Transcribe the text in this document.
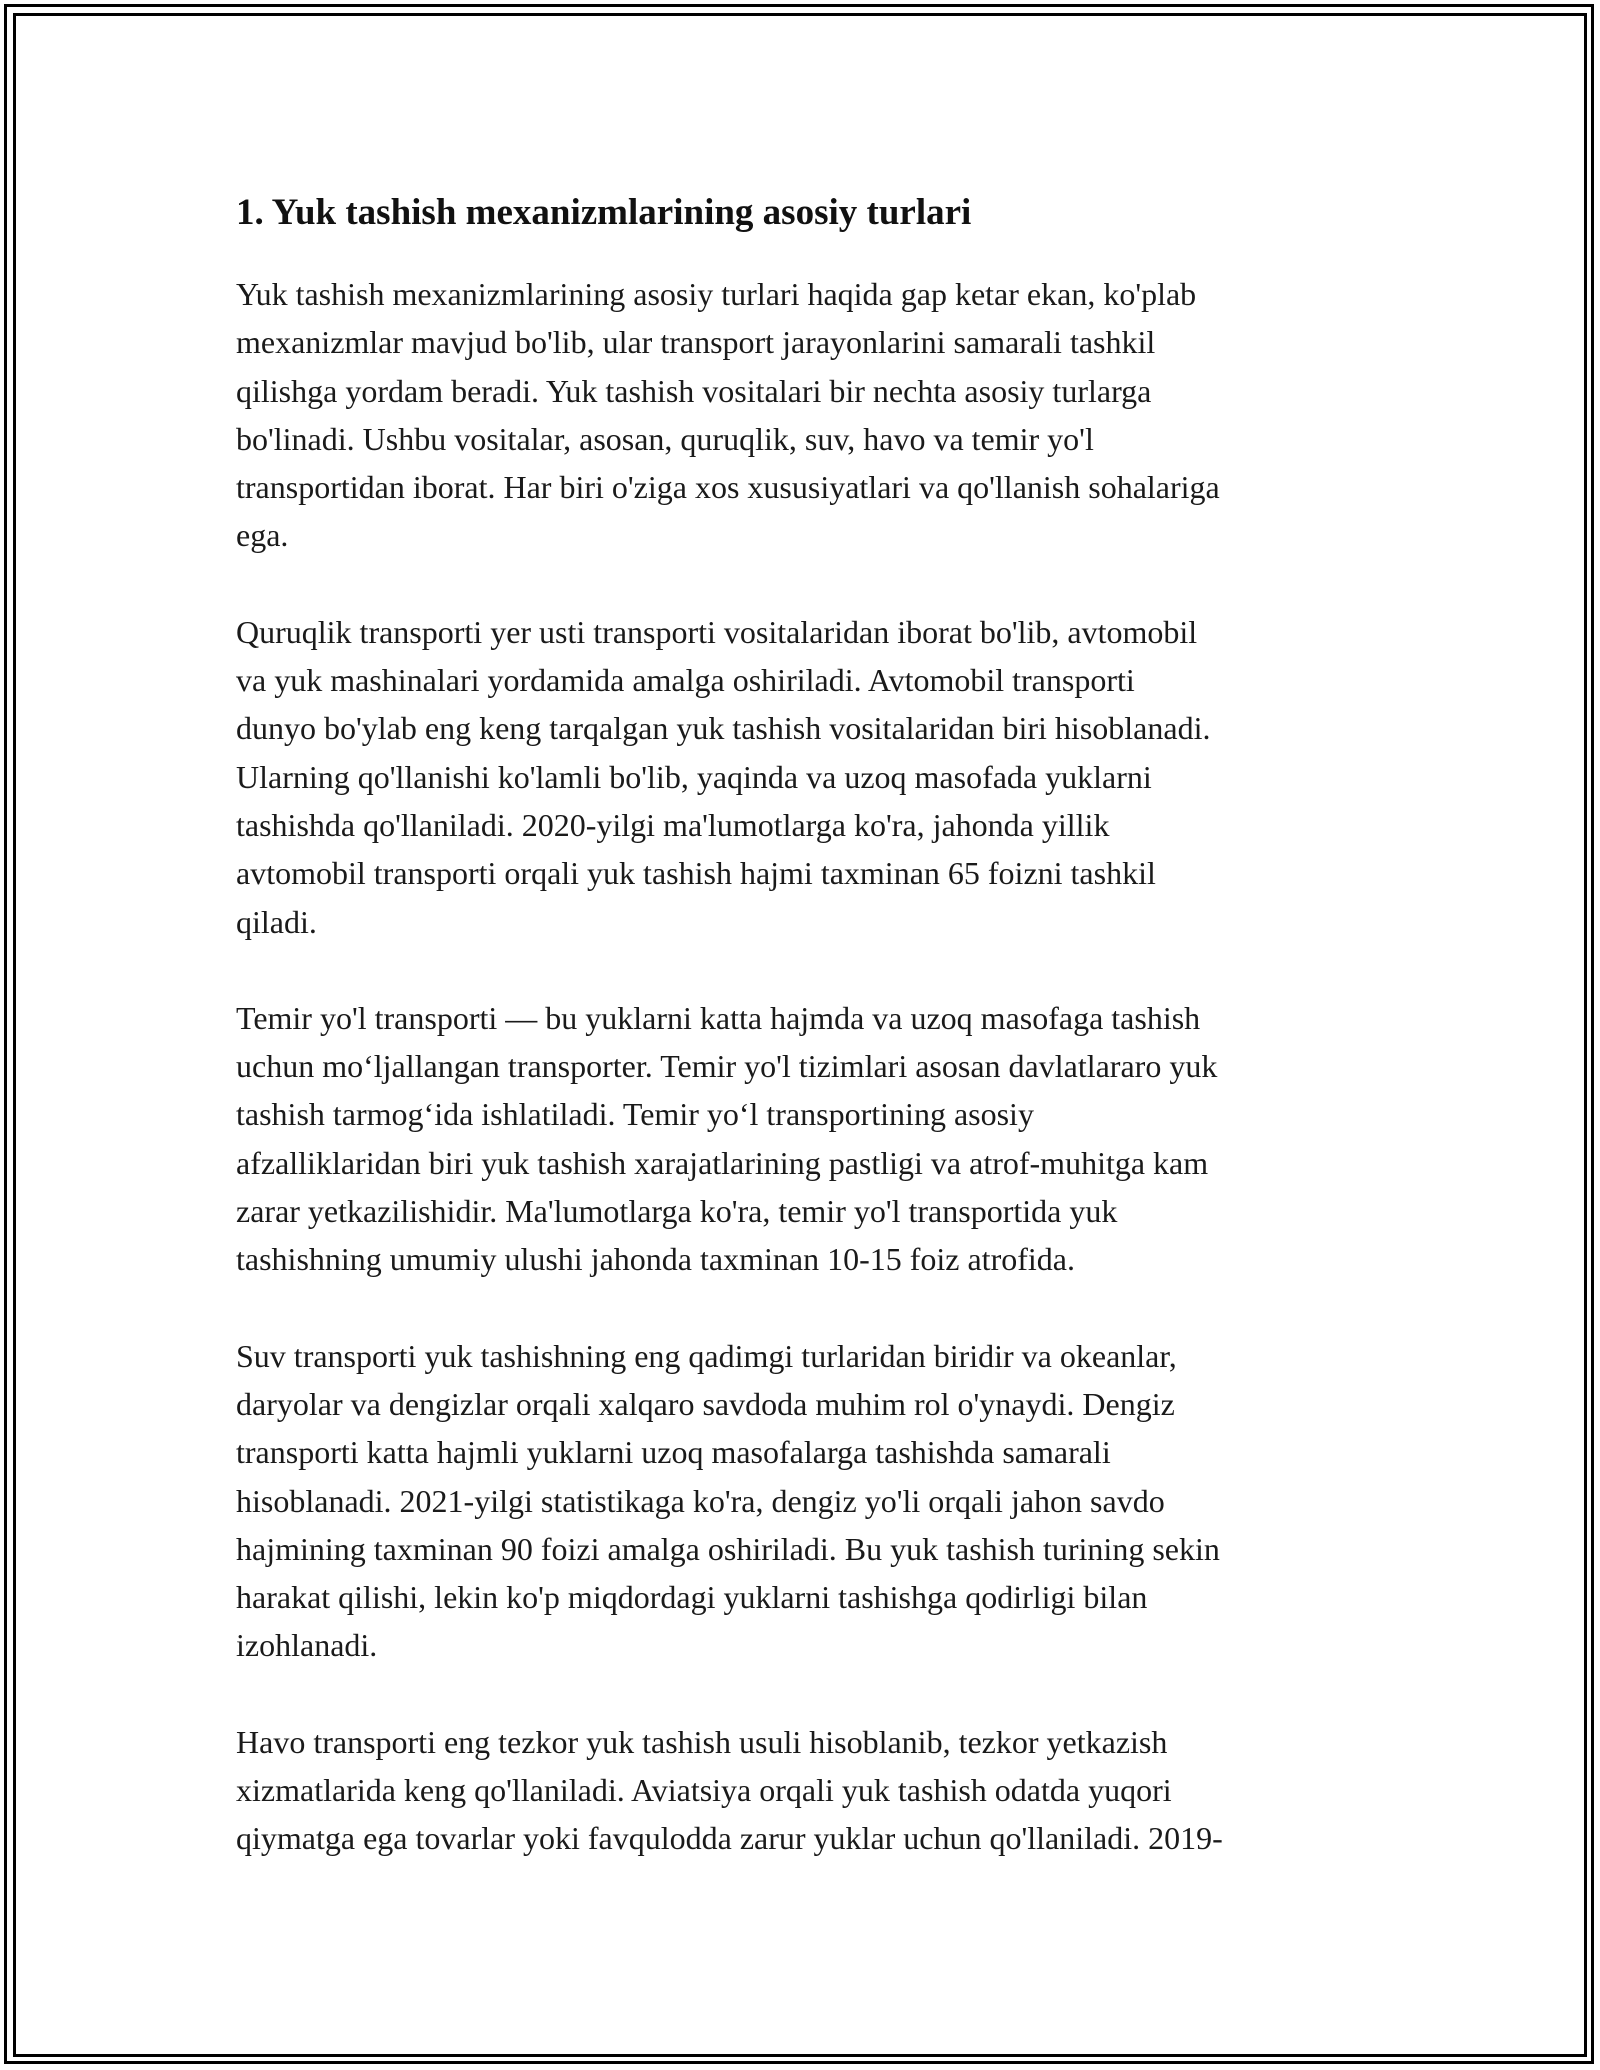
1. Yuk tashish mexanizmlarining asosiy turlari

Yuk tashish mexanizmlarining asosiy turlari haqida gap ketar ekan, ko'plab
mexanizmlar mavjud bo'lib, ular transport jarayonlarini samarali tashkil
qilishga yordam beradi. Yuk tashish vositalari bir nechta asosiy turlarga
bo'linadi. Ushbu vositalar, asosan, quruqlik, suv, havo va temir yo'l
transportidan iborat. Har biri o'ziga xos xususiyatlari va qo'llanish sohalariga
ega.

Quruqlik transporti yer usti transporti vositalaridan iborat bo'lib, avtomobil
va yuk mashinalari yordamida amalga oshiriladi. Avtomobil transporti
dunyo bo'ylab eng keng tarqalgan yuk tashish vositalaridan biri hisoblanadi.
Ularning qo'llanishi ko'lamli bo'lib, yaqinda va uzoq masofada yuklarni
tashishda qo'llaniladi. 2020-yilgi ma'lumotlarga ko'ra, jahonda yillik
avtomobil transporti orqali yuk tashish hajmi taxminan 65 foizni tashkil
qiladi.

Temir yo'l transporti — bu yuklarni katta hajmda va uzoq masofaga tashish
uchun mo‘ljallangan transporter. Temir yo'l tizimlari asosan davlatlararo yuk
tashish tarmog‘ida ishlatiladi. Temir yo‘l transportining asosiy
afzalliklaridan biri yuk tashish xarajatlarining pastligi va atrof-muhitga kam
zarar yetkazilishidir. Ma'lumotlarga ko'ra, temir yo'l transportida yuk
tashishning umumiy ulushi jahonda taxminan 10-15 foiz atrofida.

Suv transporti yuk tashishning eng qadimgi turlaridan biridir va okeanlar,
daryolar va dengizlar orqali xalqaro savdoda muhim rol o'ynaydi. Dengiz
transporti katta hajmli yuklarni uzoq masofalarga tashishda samarali
hisoblanadi. 2021-yilgi statistikaga ko'ra, dengiz yo'li orqali jahon savdo
hajmining taxminan 90 foizi amalga oshiriladi. Bu yuk tashish turining sekin
harakat qilishi, lekin ko'p miqdordagi yuklarni tashishga qodirligi bilan
izohlanadi.

Havo transporti eng tezkor yuk tashish usuli hisoblanib, tezkor yetkazish
xizmatlarida keng qo'llaniladi. Aviatsiya orqali yuk tashish odatda yuqori
qiymatga ega tovarlar yoki favqulodda zarur yuklar uchun qo'llaniladi. 2019-
